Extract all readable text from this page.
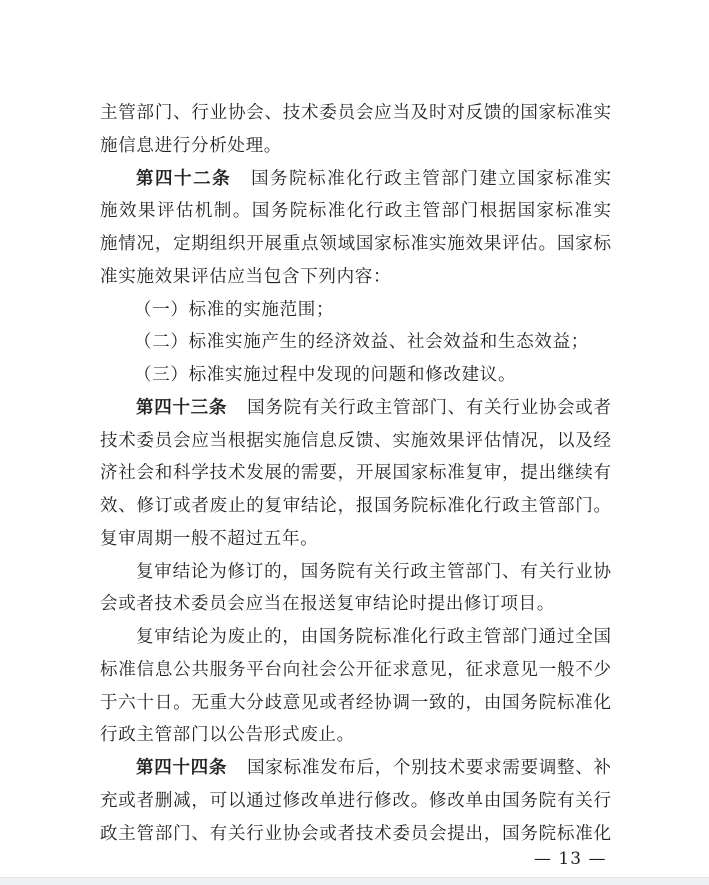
主管部门、行业协会、技术委员会应当及时对反馈的国家标准实
施信息进行分析处理。
第四十二条 国务院标准化行政主管部门建立国家标准实
施效果评估机制。国务院标准化行政主管部门根据国家标准实
施情况，定期组织开展重点领域国家标准实施效果评估。国家标
准实施效果评估应当包含下列内容：
（一）标准的实施范围；
（二）标准实施产生的经济效益、社会效益和生态效益；
（三）标准实施过程中发现的问题和修改建议。
第四十三条 国务院有关行政主管部门、有关行业协会或者
技术委员会应当根据实施信息反馈、实施效果评估情况，以及经
济社会和科学技术发展的需要，开展国家标准复审，提出继续有
效、修订或者废止的复审结论，报国务院标准化行政主管部门。
复审周期一般不超过五年。
复审结论为修订的，国务院有关行政主管部门、有关行业协
会或者技术委员会应当在报送复审结论时提出修订项目。
复审结论为废止的，由国务院标准化行政主管部门通过全国
标准信息公共服务平台向社会公开征求意见，征求意见一般不少
于六十日。无重大分歧意见或者经协调一致的，由国务院标准化
行政主管部门以公告形式废止。
第四十四条 国家标准发布后，个别技术要求需要调整、补
充或者删减，可以通过修改单进行修改。修改单由国务院有关行
政主管部门、有关行业协会或者技术委员会提出，国务院标准化
— 13 —
